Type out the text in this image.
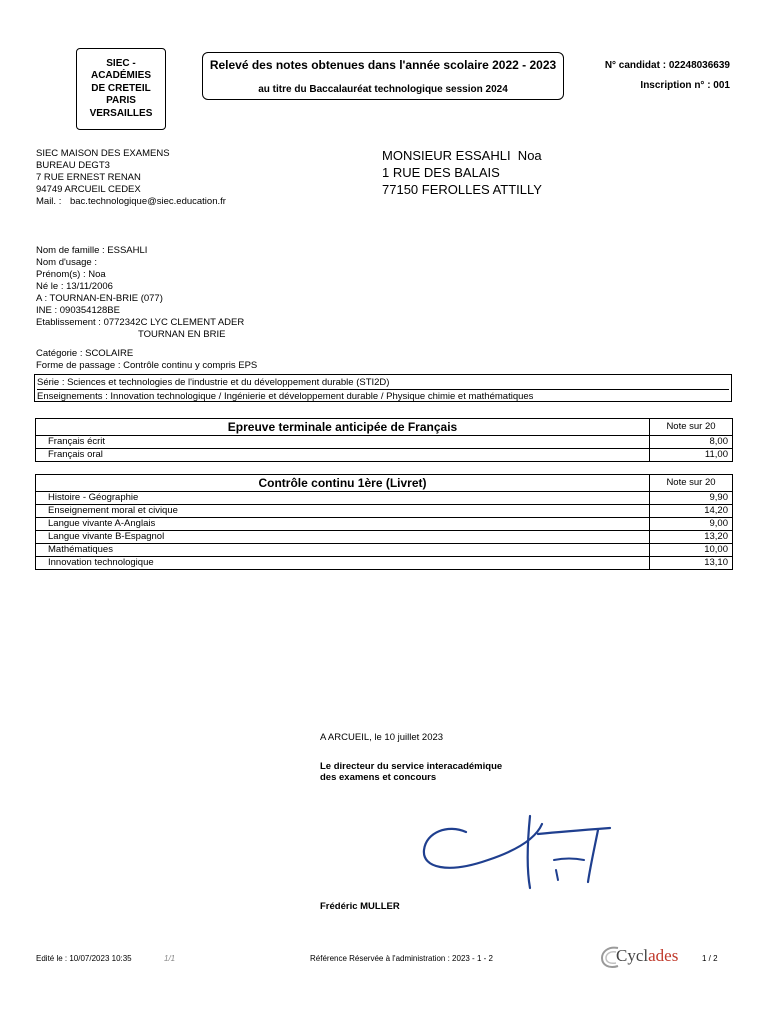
SIEC -
ACADÉMIES
DE CRETEIL
PARIS
VERSAILLES
Relevé des notes obtenues dans l'année scolaire 2022 - 2023
au titre du Baccalauréat technologique session 2024
N° candidat : 02248036639
Inscription n° : 001
SIEC MAISON DES EXAMENS
BUREAU DEGT3
7 RUE ERNEST RENAN
94749 ARCUEIL CEDEX
Mail. : bac.technologique@siec.education.fr
MONSIEUR ESSAHLI  Noa
1 RUE DES BALAIS
77150 FEROLLES ATTILLY
Nom de famille : ESSAHLI
Nom d'usage :
Prénom(s) : Noa
Né le : 13/11/2006
A : TOURNAN-EN-BRIE (077)
INE : 090354128BE
Etablissement : 0772342C LYC CLEMENT ADER
TOURNAN EN BRIE
Catégorie : SCOLAIRE
Forme de passage : Contrôle continu y compris EPS
Série : Sciences et technologies de l'industrie et du développement durable (STI2D)
Enseignements : Innovation technologique / Ingénierie et développement durable / Physique chimie et mathématiques
Epreuve terminale anticipée de Français	Note sur 20
Français écrit	8,00
Français oral	11,00
Contrôle continu 1ère (Livret)	Note sur 20
Histoire - Géographie	9,90
Enseignement moral et civique	14,20
Langue vivante A-Anglais	9,00
Langue vivante B-Espagnol	13,20
Mathématiques	10,00
Innovation technologique	13,10
A ARCUEIL, le 10 juillet 2023
Le directeur du service interacadémique
des examens et concours
Frédéric MULLER
Edité le : 10/07/2023 10:35	1/1	Référence Réservée à l'administration : 2023 - 1 - 2	Cyclades	1 / 2
